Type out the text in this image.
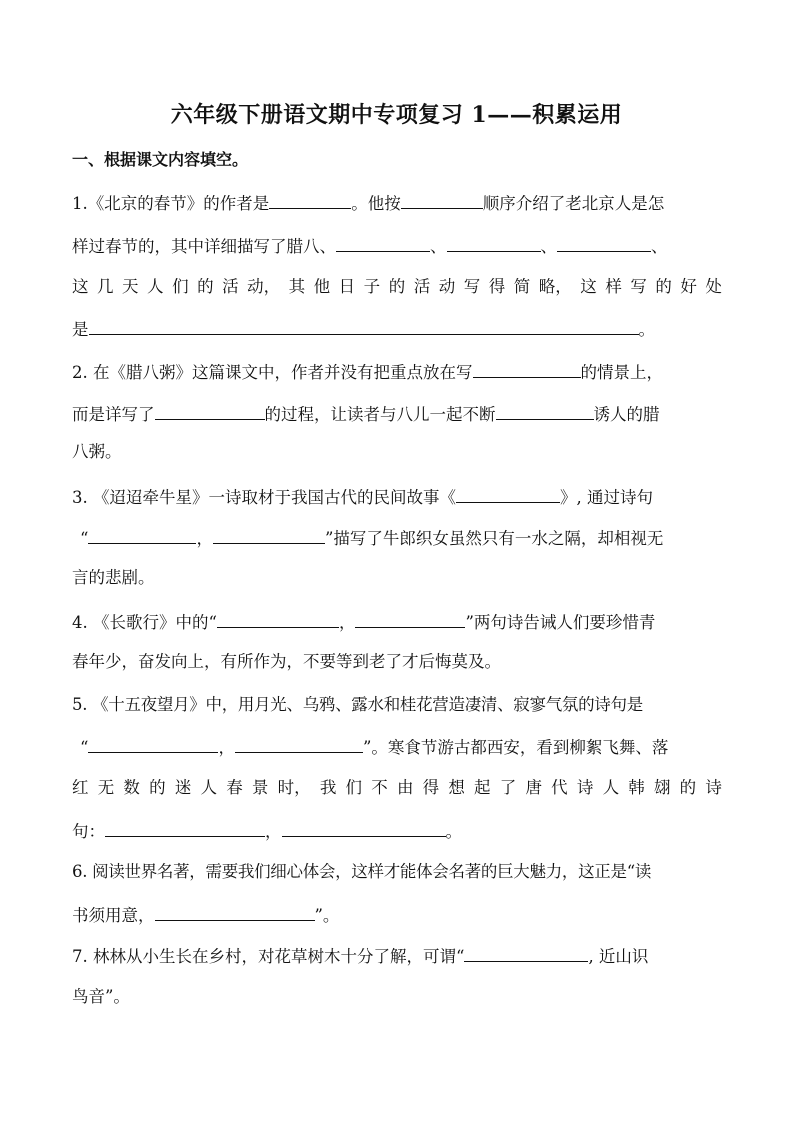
六年级下册语文期中专项复习 1——积累运用
一、根据课文内容填空。
1.《北京的春节》的作者是	。他按	顺序介绍了老北京人是怎
样过春节的，其中详细描写了腊八、	、	、	、
这 几 天 人 们 的 活 动， 其 他 日 子 的 活 动 写 得 简 略， 这 样 写 的 好 处
是	。
2. 在《腊八粥》这篇课文中，作者并没有把重点放在写	的情景上，
而是详写了	的过程，让读者与八儿一起不断	诱人的腊
八粥。
3. 《迢迢牵牛星》一诗取材于我国古代的民间故事《	》, 通过诗句
“	，	”描写了牛郎织女虽然只有一水之隔，却相视无
言的悲剧。
4. 《长歌行》中的“	，	”两句诗告诫人们要珍惜青
春年少，奋发向上，有所作为，不要等到老了才后悔莫及。
5. 《十五夜望月》中，用月光、乌鸦、露水和桂花营造凄清、寂寥气氛的诗句是
“	，	”。寒食节游古都西安，看到柳絮飞舞、落
红 无 数 的 迷 人 春 景 时， 我 们 不 由 得 想 起 了 唐 代 诗 人 韩 翃 的 诗
句：	，	。
6. 阅读世界名著，需要我们细心体会，这样才能体会名著的巨大魅力，这正是“读
书须用意，	”。
7. 林林从小生长在乡村，对花草树木十分了解，可谓“	, 近山识
鸟音”。
